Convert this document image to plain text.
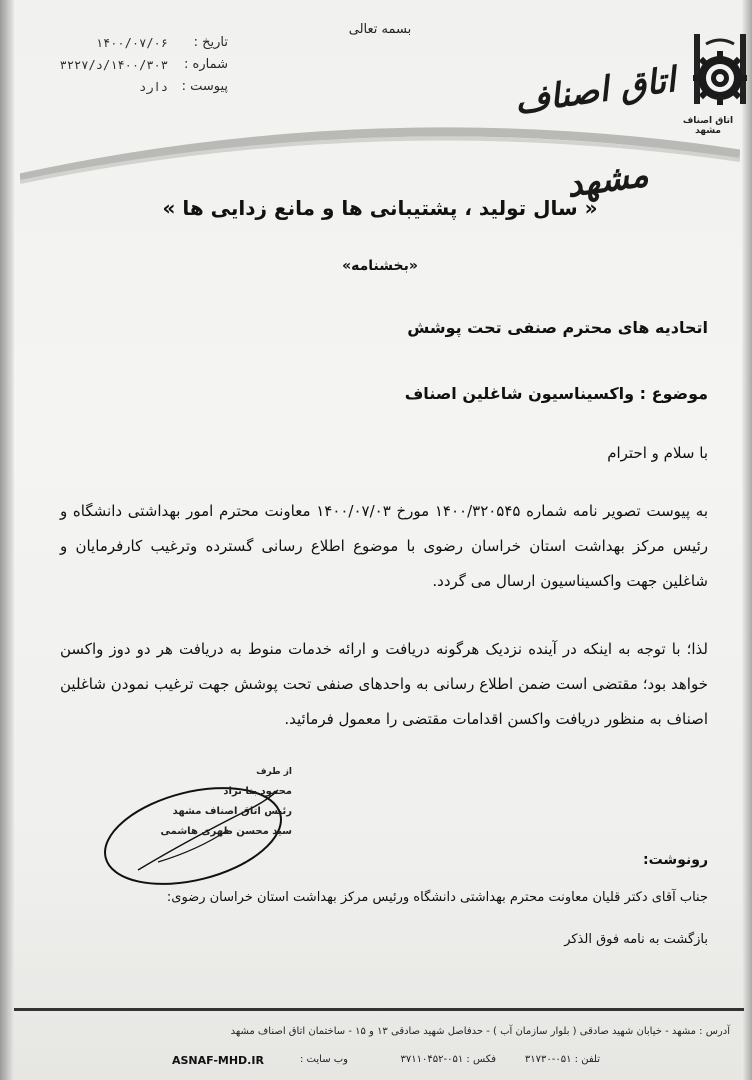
بسمه تعالی
اتاق اصناف مشهد
اتاق اصناف مشهد
تاریخ :
۱۴۰۰/۰۷/۰۶
شماره :
۱۴۰۰/۳۰۳/د/۳۲۲۷
پیوست :
دارد
« سال تولید ، پشتیبانی ها و مانع زدایی ها »
«بخشنامه»
اتحادیه های محترم صنفی تحت پوشش
موضوع : واکسیناسیون شاغلین اصناف
با سلام و احترام
به پیوست تصویر نامه شماره ۱۴۰۰/۳۲۰۵۴۵ مورخ ۱۴۰۰/۰۷/۰۳ معاونت محترم امور بهداشتی دانشگاه و رئیس مرکز بهداشت استان خراسان رضوی با موضوع اطلاع رسانی گسترده وترغیب کارفرمایان و شاغلین جهت واکسیناسیون ارسال می گردد.
لذا؛ با توجه به اینکه در آینده نزدیک هرگونه دریافت و ارائه خدمات منوط به دریافت هر دو دوز واکسن خواهد بود؛ مقتضی است ضمن اطلاع رسانی به واحدهای صنفی تحت پوشش جهت ترغیب نمودن شاغلین اصناف به منظور دریافت واکسن اقدامات مقتضی را معمول فرمائید.
از طرف
محمود بنا نژاد
رئیس اتاق اصناف مشهد
سید محسن طهری هاشمی
رونوشت:
جناب آقای دکتر قلیان معاونت محترم بهداشتی دانشگاه ورئیس مرکز بهداشت استان خراسان رضوی:
بازگشت به نامه فوق الذکر
آدرس : مشهد - خیابان شهید صادقی ( بلوار سازمان آب ) - حدفاصل شهید صادقی ۱۳ و ۱۵ - ساختمان اتاق اصناف مشهد
تلفن : ۰۵۱-۳۱۷۳۰
فکس : ۰۵۱-۳۷۱۱۰۴۵۲
وب سایت :
ASNAF-MHD.IR
